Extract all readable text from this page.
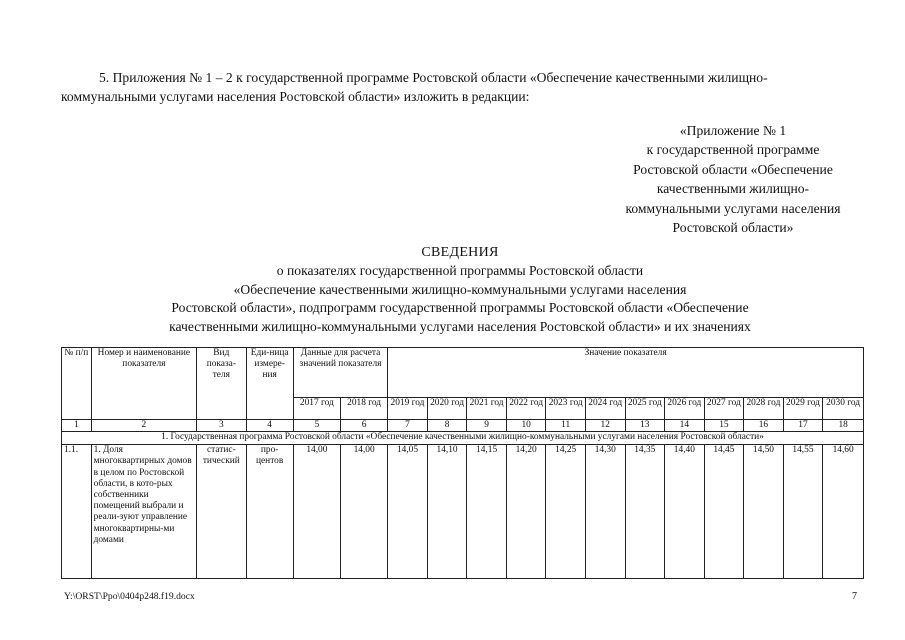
5. Приложения № 1 – 2 к государственной программе Ростовской области «Обеспечение качественными жилищно-
коммунальными услугами населения Ростовской области» изложить в редакции:
«Приложение № 1
к государственной программе
Ростовской области «Обеспечение
качественными жилищно-
коммунальными услугами населения
Ростовской области»
СВЕДЕНИЯ
о показателях государственной программы Ростовской области
«Обеспечение качественными жилищно-коммунальными услугами населения
Ростовской области», подпрограмм государственной программы Ростовской области «Обеспечение
качественными жилищно-коммунальными услугами населения Ростовской области» и их значениях
№ п/п	Номер и наименование показателя	Вид показа-теля	Еди-ница измере-ния	Данные для расчета значений показателя		Значение показателя											
				2017 год	2018 год	2019 год	2020 год	2021 год	2022 год	2023 год	2024 год	2025 год	2026 год	2027 год	2028 год	2029 год	2030 год
1	2	3	4	5	6	7	8	9	10	11	12	13	14	15	16	17	18
1. Государственная программа Ростовской области «Обеспечение качественными жилищно-коммунальными услугами населения Ростовской области»																	
1.1.	1. Доля многоквартирных домов в целом по Ростовской области, в кото-рых собственники помещений выбрали и реали-зуют управление многоквартирны-ми домами	статис-тический	про-центов	14,00	14,00	14,05	14,10	14,15	14,20	14,25	14,30	14,35	14,40	14,45	14,50	14,55	14,60
Y:\ORST\Ppo\0404p248.f19.docx	7
